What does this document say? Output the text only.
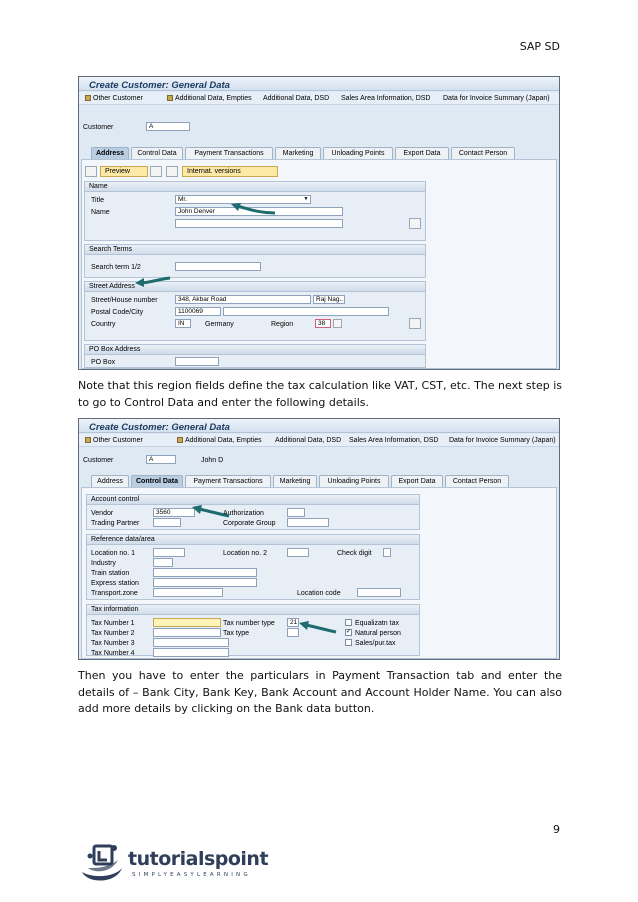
SAP SD
Create Customer: General Data
Other Customer	Additional Data, Empties Additional Data, DSD Sales Area Information, DSD Data for Invoice Summary (Japan)
Customer	A
Address	Control Data	Payment Transactions	Marketing	Unloading Points	Export Data	Contact Person
Preview	Internat. versions
Name
Title	Mr.	▼
Name	John Denver
Search Terms
Search term 1/2
Street Address
Street/House number	348, Akbar Road	Raj Nag..
Postal Code/City	1100069
Country	IN	Germany	Region	38
PO Box Address
PO Box

Note that this region fields define the tax calculation like VAT, CST, etc. The next step is to go to Control Data and enter the following details.

Create Customer: General Data
Other Customer	Additional Data, Empties Additional Data, DSD Sales Area Information, DSD Data for Invoice Summary (Japan)
Customer	A	John D
Address	Control Data	Payment Transactions	Marketing	Unloading Points	Export Data	Contact Person
Account control
Vendor	3560	Authorization
Trading Partner	Corporate Group
Reference data/area
Location no. 1	Location no. 2	Check digit
Industry
Train station
Express station
Transport.zone	Location code
Tax information
Tax Number 1	Tax number type	21	Equalizatn tax
Tax Number 2	Tax type	✓ Natural person
Tax Number 3	Sales/pur.tax
Tax Number 4

Then you have to enter the particulars in Payment Transaction tab and enter the details of – Bank City, Bank Key, Bank Account and Account Holder Name. You can also add more details by clicking on the Bank data button.

9
tutorialspoint
SIMPLYEASYLEARNING
